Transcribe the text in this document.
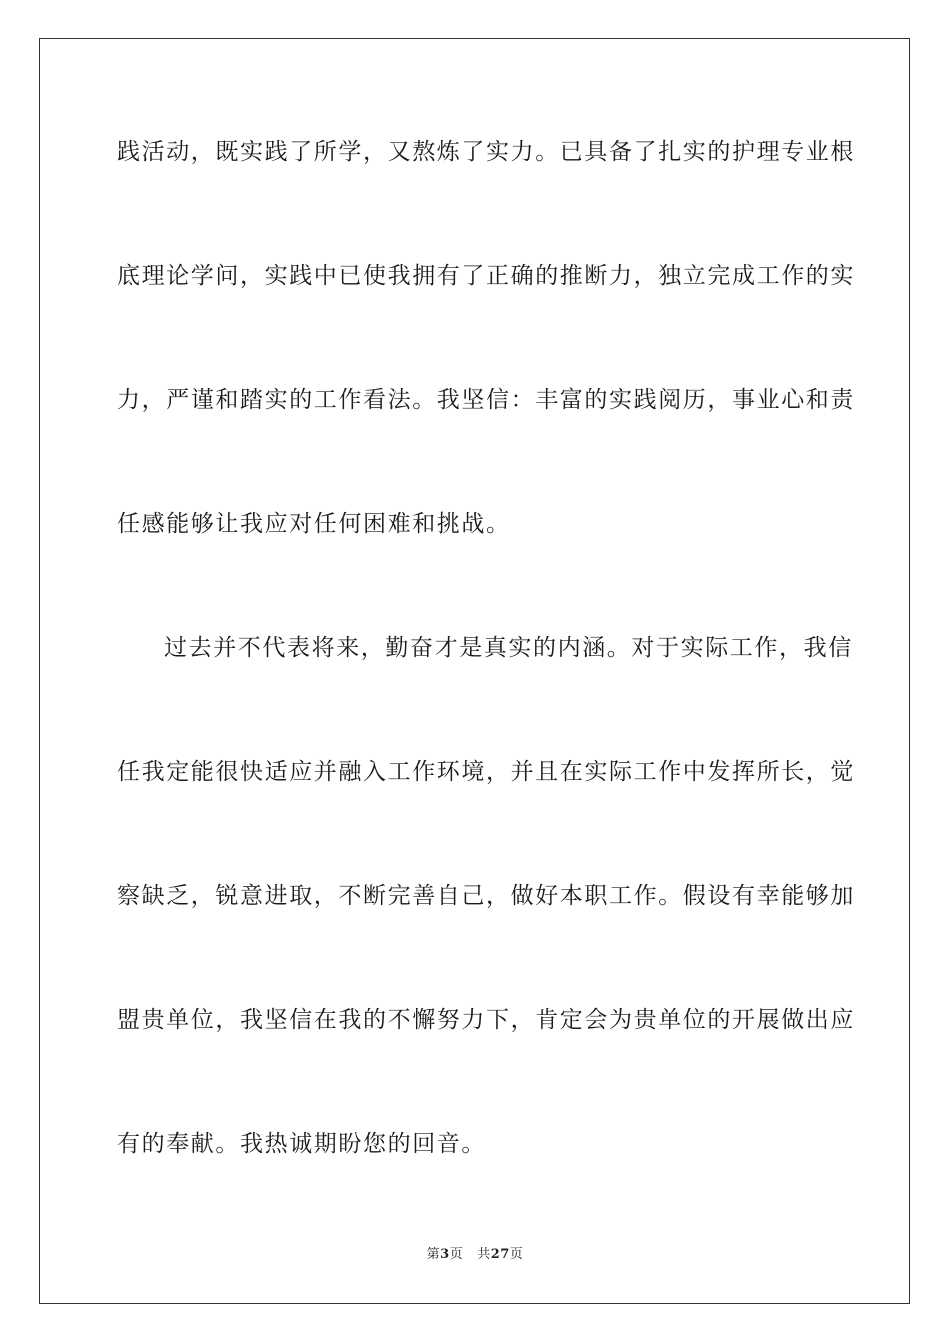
践活动，既实践了所学，又熬炼了实力。已具备了扎实的护理专业根
底理论学问，实践中已使我拥有了正确的推断力，独立完成工作的实
力，严谨和踏实的工作看法。我坚信：丰富的实践阅历，事业心和责
任感能够让我应对任何困难和挑战。
过去并不代表将来，勤奋才是真实的内涵。对于实际工作，我信
任我定能很快适应并融入工作环境，并且在实际工作中发挥所长，觉
察缺乏，锐意进取，不断完善自己，做好本职工作。假设有幸能够加
盟贵单位，我坚信在我的不懈努力下，肯定会为贵单位的开展做出应
有的奉献。我热诚期盼您的回音。
第3页 共27页
